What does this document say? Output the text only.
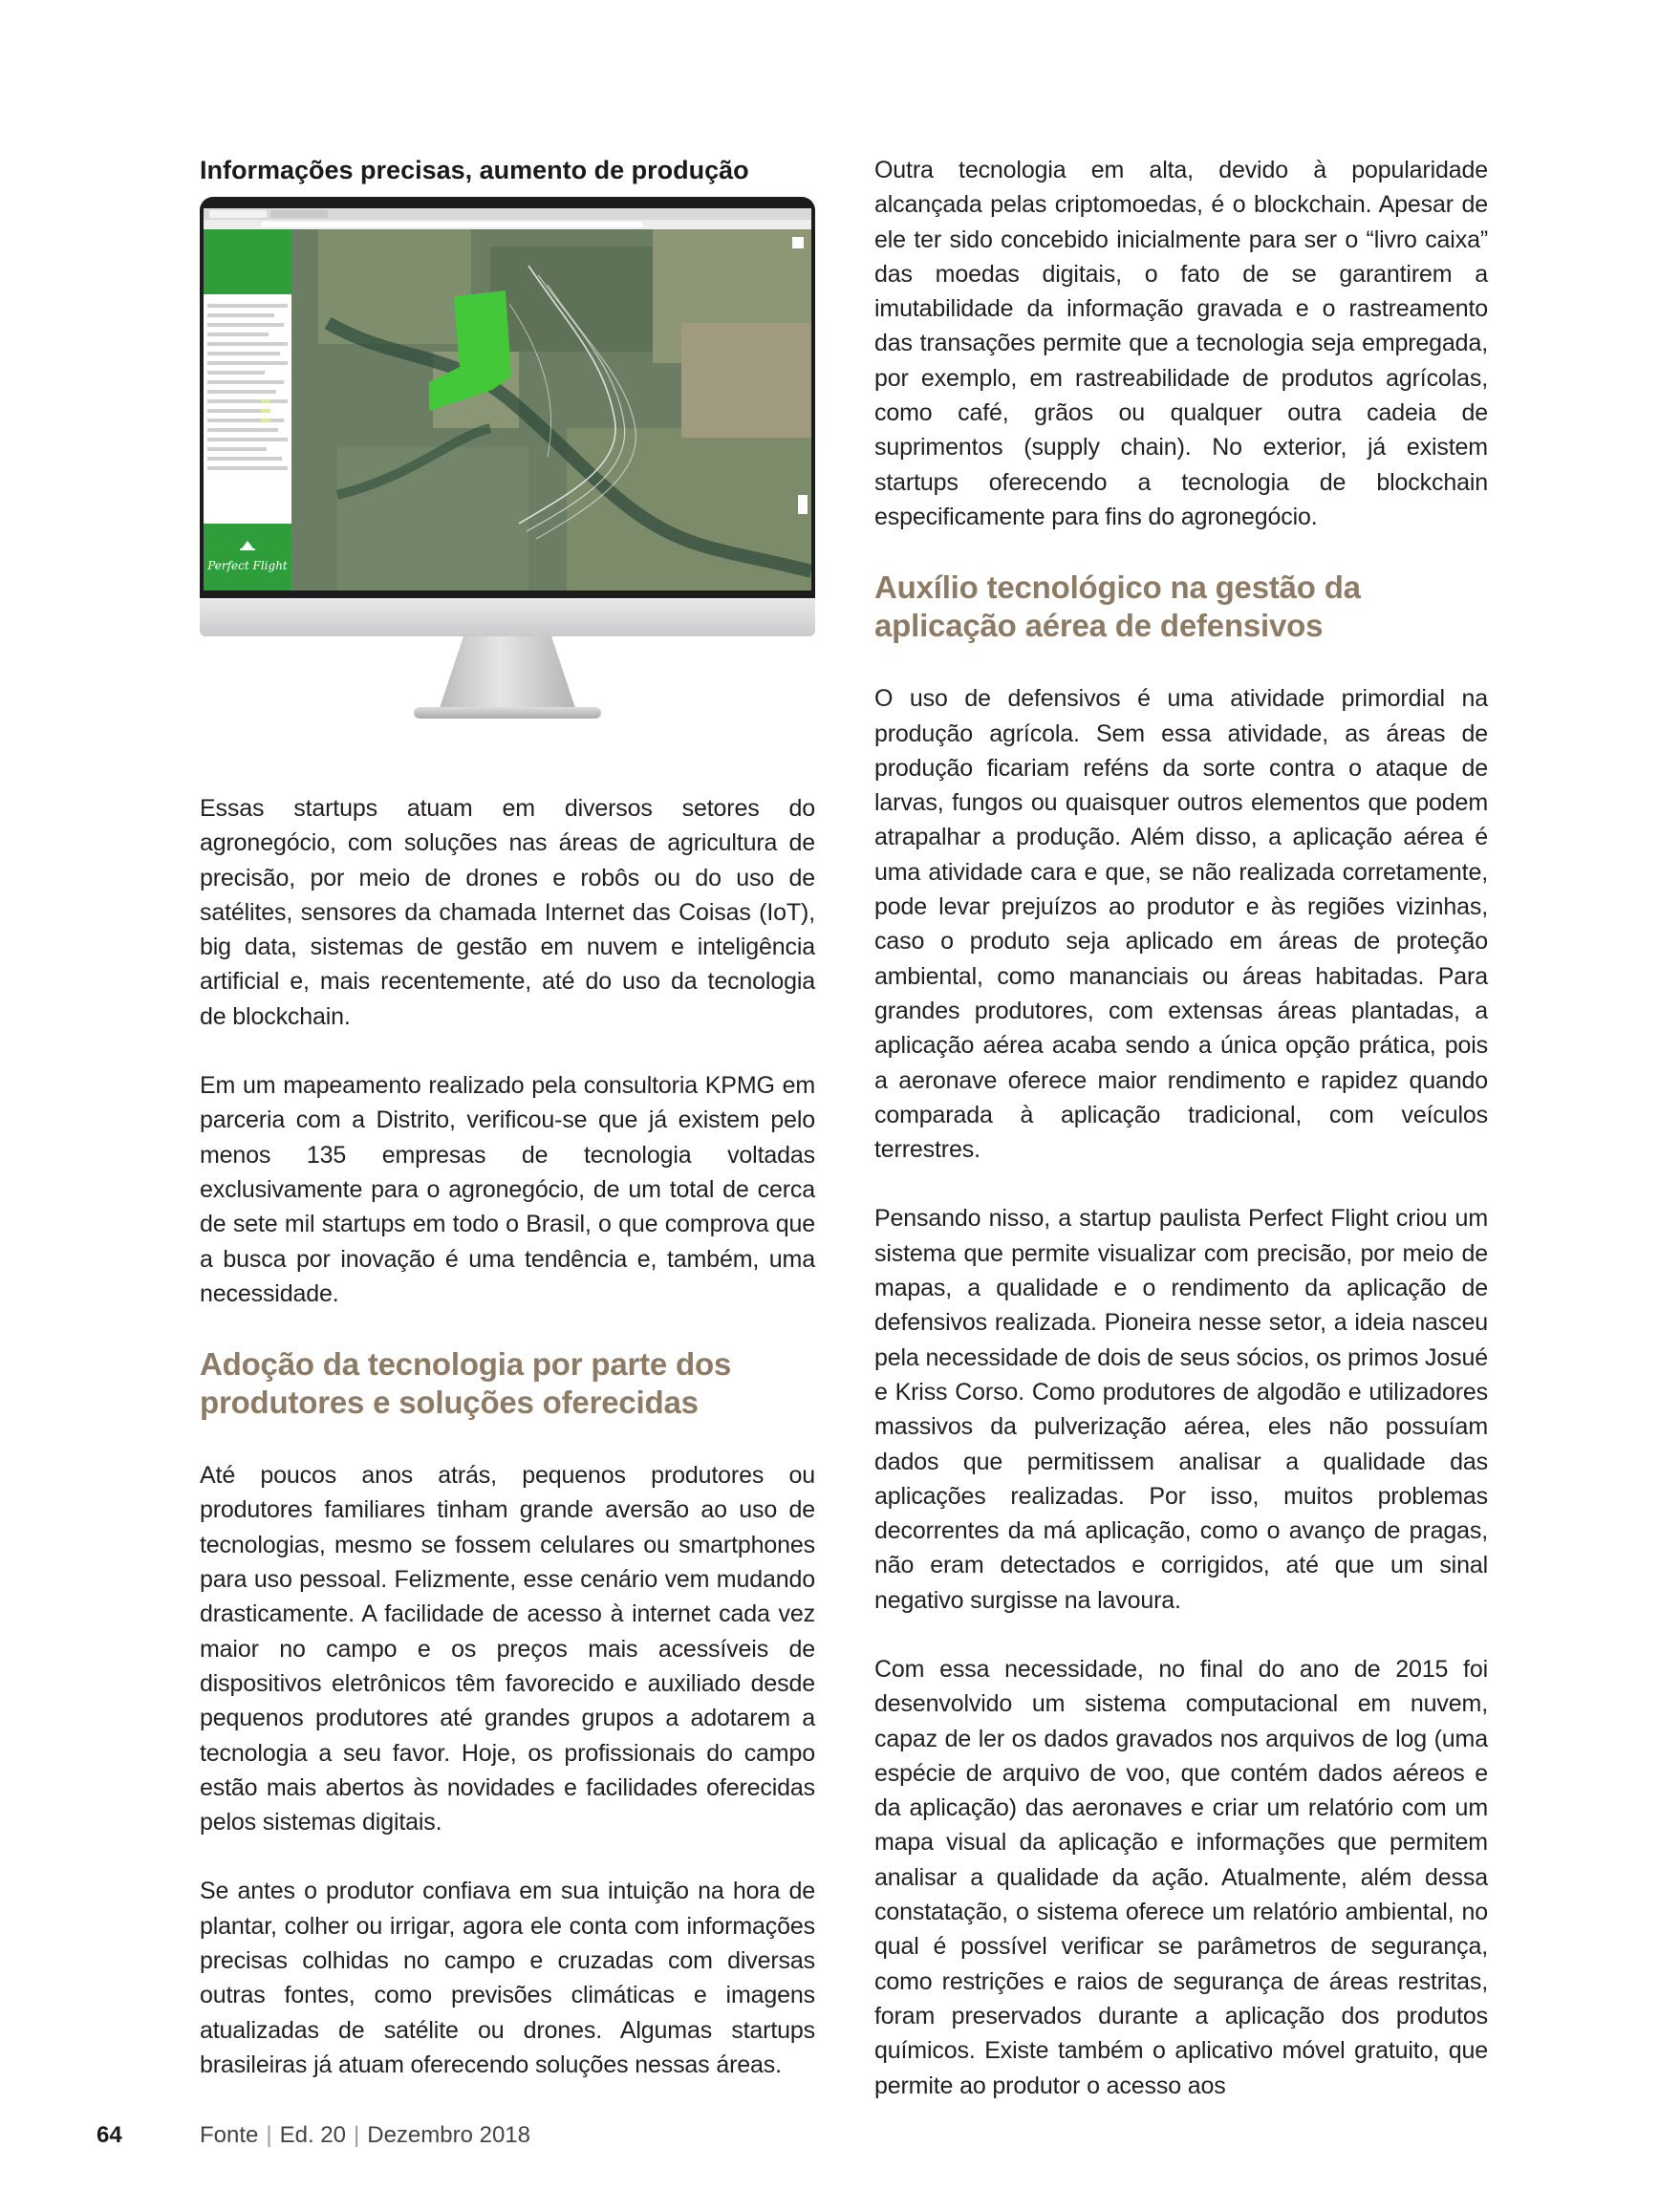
Informações precisas, aumento de produção
Perfect Flight

Essas startups atuam em diversos setores do agronegócio, com soluções nas áreas de agricultura de precisão, por meio de drones e robôs ou do uso de satélites, sensores da chamada Internet das Coisas (IoT), big data, sistemas de gestão em nuvem e inteligência artificial e, mais recentemente, até do uso da tecnologia de blockchain.

Em um mapeamento realizado pela consultoria KPMG em parceria com a Distrito, verificou-se que já existem pelo menos 135 empresas de tecnologia voltadas exclusivamente para o agronegócio, de um total de cerca de sete mil startups em todo o Brasil, o que comprova que a busca por inovação é uma tendência e, também, uma necessidade.

Adoção da tecnologia por parte dos produtores e soluções oferecidas

Até poucos anos atrás, pequenos produtores ou produtores familiares tinham grande aversão ao uso de tecnologias, mesmo se fossem celulares ou smartphones para uso pessoal. Felizmente, esse cenário vem mudando drasticamente. A facilidade de acesso à internet cada vez maior no campo e os preços mais acessíveis de dispositivos eletrônicos têm favorecido e auxiliado desde pequenos produtores até grandes grupos a adotarem a tecnologia a seu favor. Hoje, os profissionais do campo estão mais abertos às novidades e facilidades oferecidas pelos sistemas digitais.

Se antes o produtor confiava em sua intuição na hora de plantar, colher ou irrigar, agora ele conta com informações precisas colhidas no campo e cruzadas com diversas outras fontes, como previsões climáticas e imagens atualizadas de satélite ou drones. Algumas startups brasileiras já atuam oferecendo soluções nessas áreas.

Outra tecnologia em alta, devido à popularidade alcançada pelas criptomoedas, é o blockchain. Apesar de ele ter sido concebido inicialmente para ser o “livro caixa” das moedas digitais, o fato de se garantirem a imutabilidade da informação gravada e o rastreamento das transações permite que a tecnologia seja empregada, por exemplo, em rastreabilidade de produtos agrícolas, como café, grãos ou qualquer outra cadeia de suprimentos (supply chain). No exterior, já existem startups oferecendo a tecnologia de blockchain especificamente para fins do agronegócio.

Auxílio tecnológico na gestão da aplicação aérea de defensivos

O uso de defensivos é uma atividade primordial na produção agrícola. Sem essa atividade, as áreas de produção ficariam reféns da sorte contra o ataque de larvas, fungos ou quaisquer outros elementos que podem atrapalhar a produção. Além disso, a aplicação aérea é uma atividade cara e que, se não realizada corretamente, pode levar prejuízos ao produtor e às regiões vizinhas, caso o produto seja aplicado em áreas de proteção ambiental, como mananciais ou áreas habitadas. Para grandes produtores, com extensas áreas plantadas, a aplicação aérea acaba sendo a única opção prática, pois a aeronave oferece maior rendimento e rapidez quando comparada à aplicação tradicional, com veículos terrestres.

Pensando nisso, a startup paulista Perfect Flight criou um sistema que permite visualizar com precisão, por meio de mapas, a qualidade e o rendimento da aplicação de defensivos realizada. Pioneira nesse setor, a ideia nasceu pela necessidade de dois de seus sócios, os primos Josué e Kriss Corso. Como produtores de algodão e utilizadores massivos da pulverização aérea, eles não possuíam dados que permitissem analisar a qualidade das aplicações realizadas. Por isso, muitos problemas decorrentes da má aplicação, como o avanço de pragas, não eram detectados e corrigidos, até que um sinal negativo surgisse na lavoura.

Com essa necessidade, no final do ano de 2015 foi desenvolvido um sistema computacional em nuvem, capaz de ler os dados gravados nos arquivos de log (uma espécie de arquivo de voo, que contém dados aéreos e da aplicação) das aeronaves e criar um relatório com um mapa visual da aplicação e informações que permitem analisar a qualidade da ação. Atualmente, além dessa constatação, o sistema oferece um relatório ambiental, no qual é possível verificar se parâmetros de segurança, como restrições e raios de segurança de áreas restritas, foram preservados durante a aplicação dos produtos químicos. Existe também o aplicativo móvel gratuito, que permite ao produtor o acesso aos

64	Fonte | Ed. 20 | Dezembro 2018
